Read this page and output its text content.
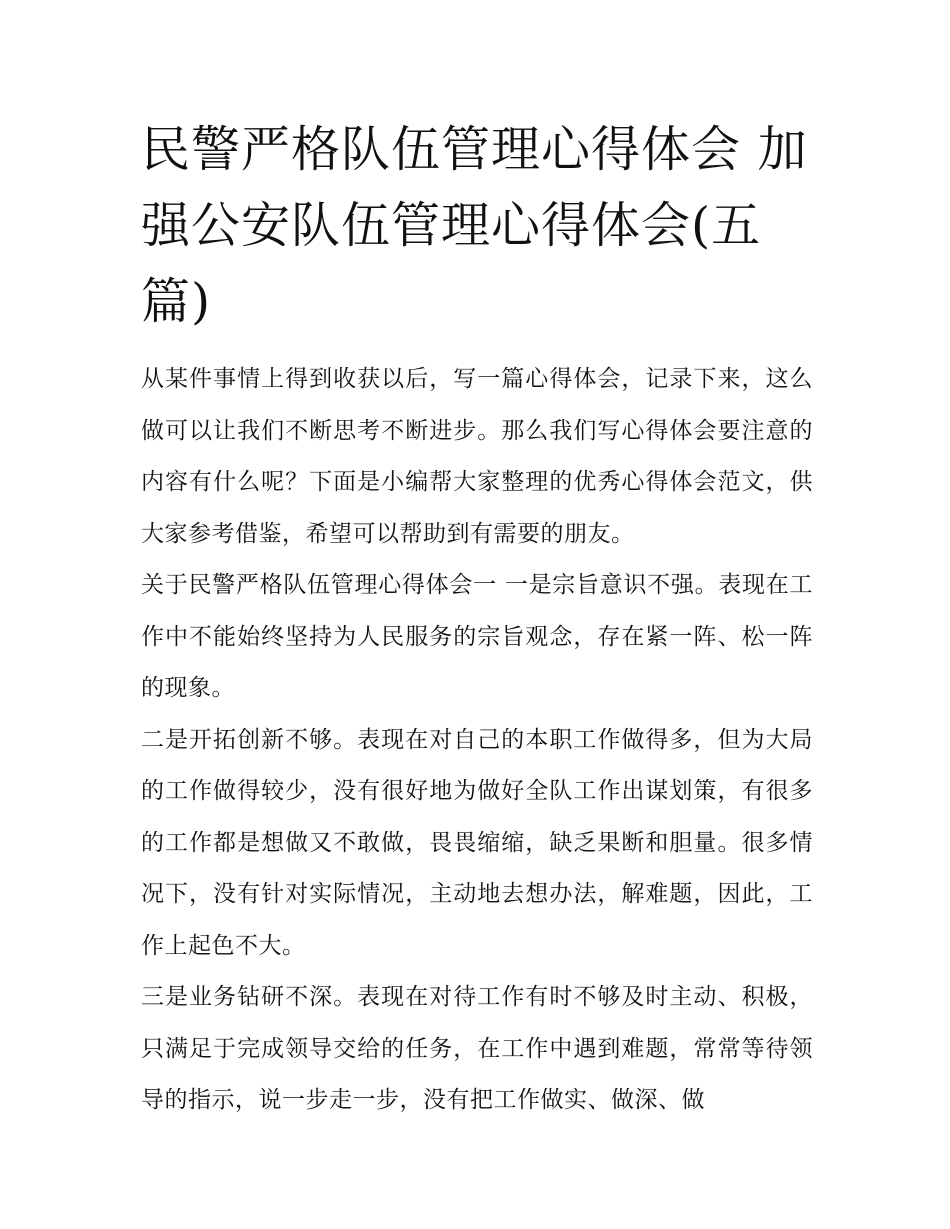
民警严格队伍管理心得体会 加强公安队伍管理心得体会(五篇)

从某件事情上得到收获以后，写一篇心得体会，记录下来，这么做可以让我们不断思考不断进步。那么我们写心得体会要注意的内容有什么呢？下面是小编帮大家整理的优秀心得体会范文，供大家参考借鉴，希望可以帮助到有需要的朋友。

关于民警严格队伍管理心得体会一 一是宗旨意识不强。表现在工作中不能始终坚持为人民服务的宗旨观念，存在紧一阵、松一阵的现象。

二是开拓创新不够。表现在对自己的本职工作做得多，但为大局的工作做得较少，没有很好地为做好全队工作出谋划策，有很多的工作都是想做又不敢做，畏畏缩缩，缺乏果断和胆量。很多情况下，没有针对实际情况，主动地去想办法，解难题，因此，工作上起色不大。

三是业务钻研不深。表现在对待工作有时不够及时主动、积极，只满足于完成领导交给的任务，在工作中遇到难题，常常等待领导的指示，说一步走一步，没有把工作做实、做深、做
